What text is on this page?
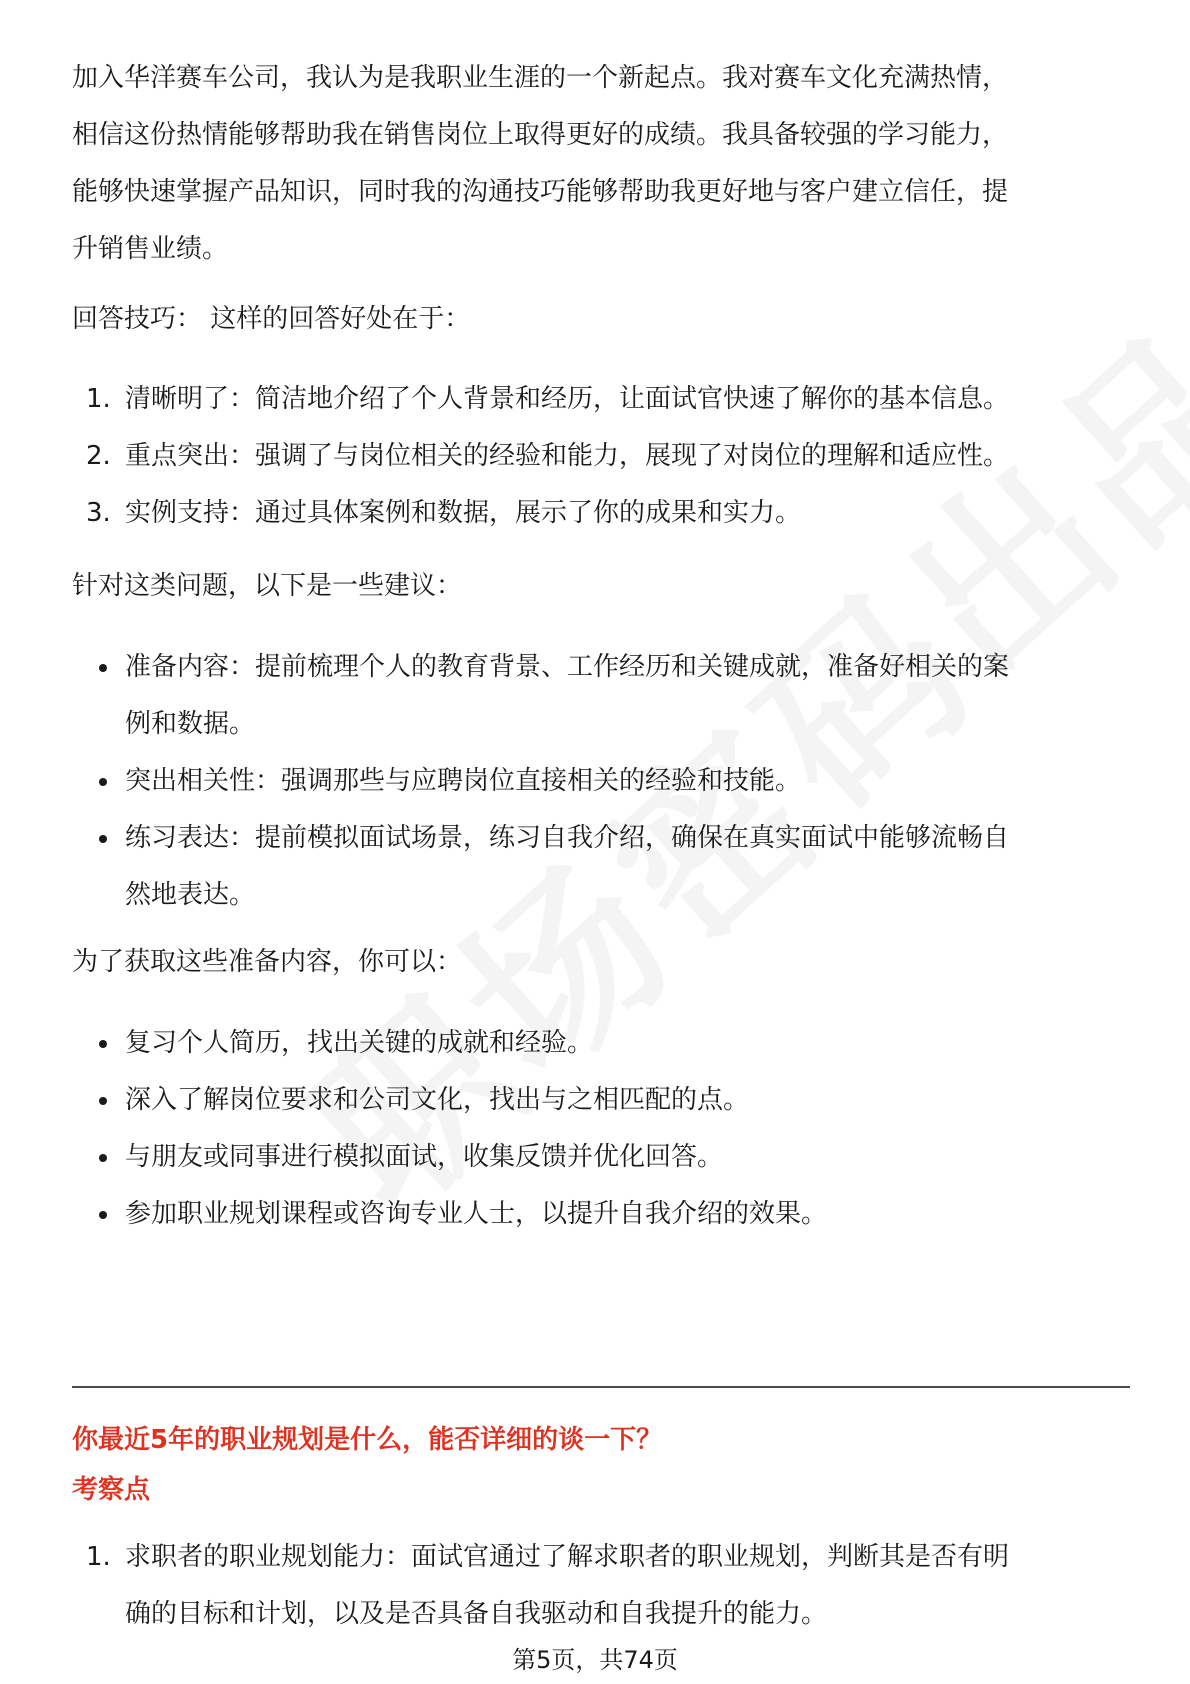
加入华洋赛车公司，我认为是我职业生涯的一个新起点。我对赛车文化充满热情，

相信这份热情能够帮助我在销售岗位上取得更好的成绩。我具备较强的学习能力，

能够快速掌握产品知识，同时我的沟通技巧能够帮助我更好地与客户建立信任，提

升销售业绩。

回答技巧： 这样的回答好处在于：

1. 清晰明了：简洁地介绍了个人背景和经历，让面试官快速了解你的基本信息。
2. 重点突出：强调了与岗位相关的经验和能力，展现了对岗位的理解和适应性。
3. 实例支持：通过具体案例和数据，展示了你的成果和实力。

针对这类问题，以下是一些建议：

准备内容：提前梳理个人的教育背景、工作经历和关键成就，准备好相关的案
例和数据。
突出相关性：强调那些与应聘岗位直接相关的经验和技能。
练习表达：提前模拟面试场景，练习自我介绍，确保在真实面试中能够流畅自
然地表达。

为了获取这些准备内容，你可以：

复习个人简历，找出关键的成就和经验。
深入了解岗位要求和公司文化，找出与之相匹配的点。
与朋友或同事进行模拟面试，收集反馈并优化回答。
参加职业规划课程或咨询专业人士，以提升自我介绍的效果。
你最近5年的职业规划是什么，能否详细的谈一下？
考察点
1. 求职者的职业规划能力：面试官通过了解求职者的职业规划，判断其是否有明
确的目标和计划，以及是否具备自我驱动和自我提升的能力。
第5页，共74页
